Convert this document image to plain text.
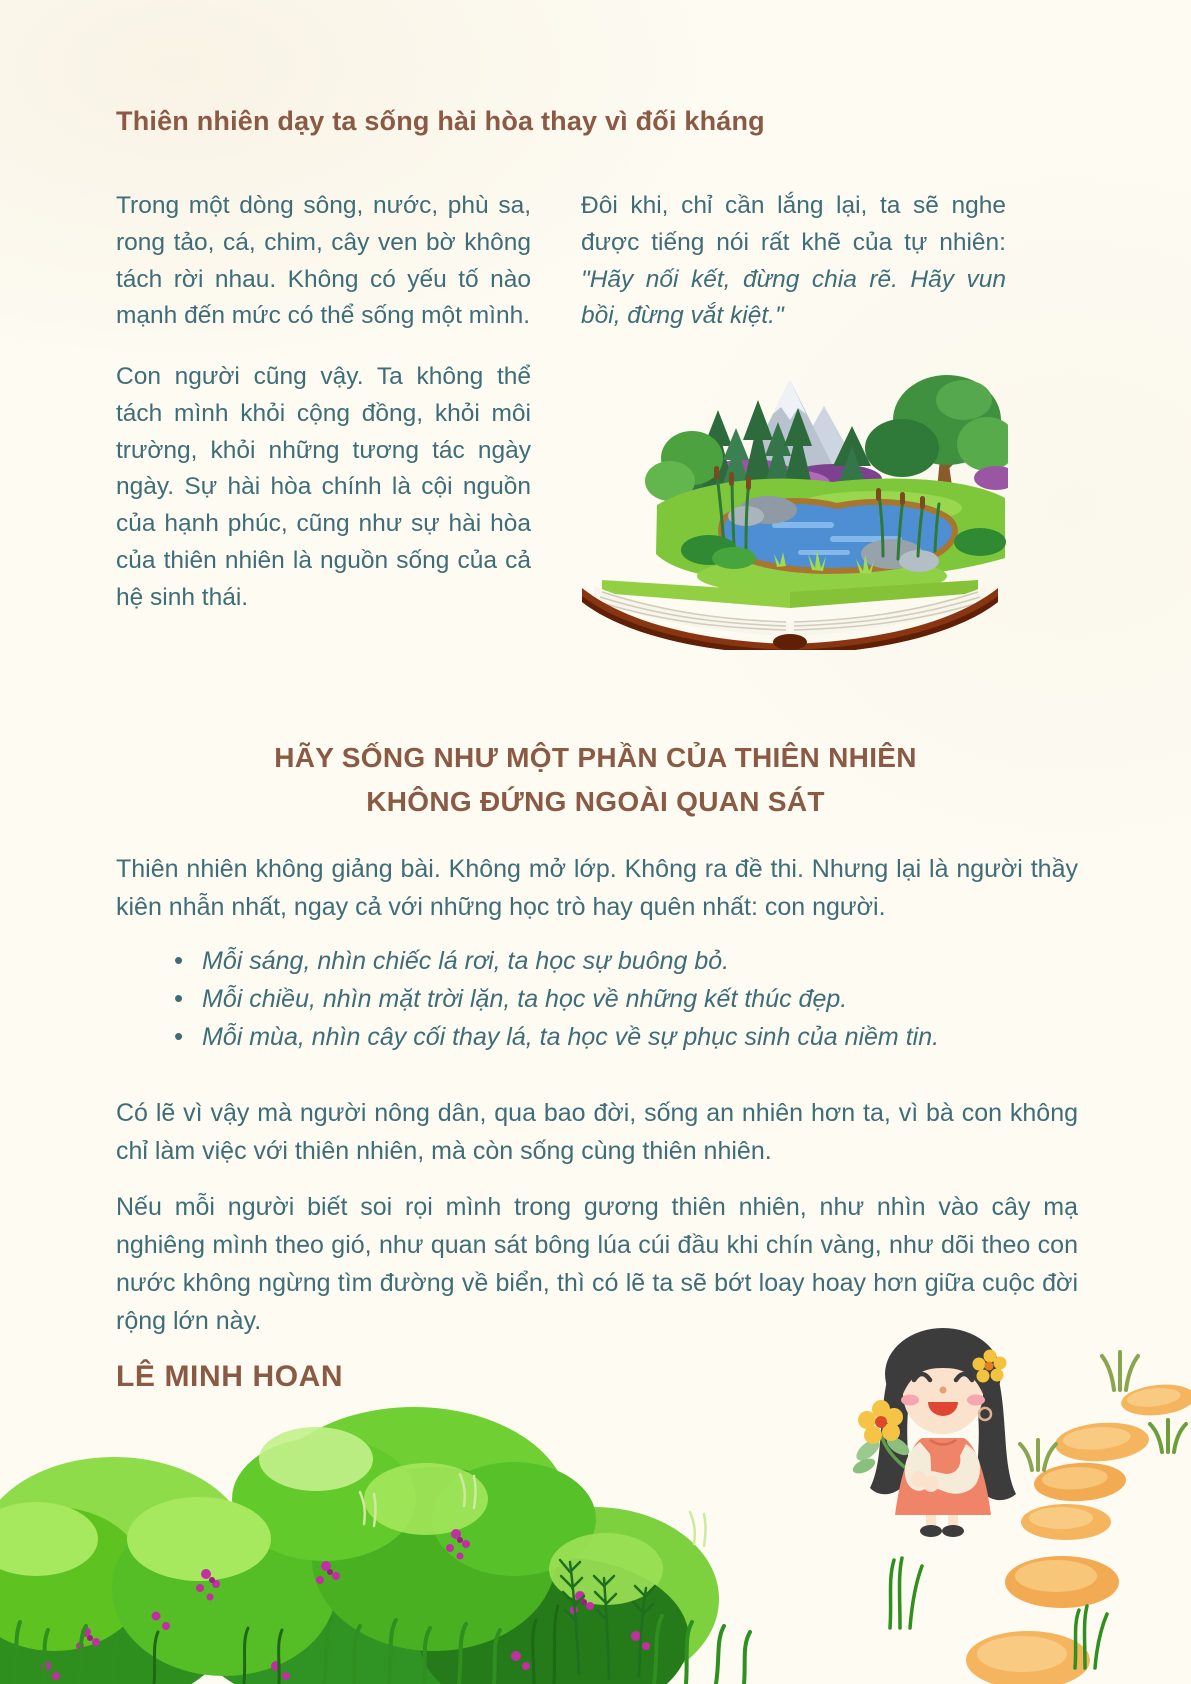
Thiên nhiên dạy ta sống hài hòa thay vì đối kháng

Trong một dòng sông, nước, phù sa, rong tảo, cá, chim, cây ven bờ không tách rời nhau. Không có yếu tố nào mạnh đến mức có thể sống một mình.

Con người cũng vậy. Ta không thể tách mình khỏi cộng đồng, khỏi môi trường, khỏi những tương tác ngày ngày. Sự hài hòa chính là cội nguồn của hạnh phúc, cũng như sự hài hòa của thiên nhiên là nguồn sống của cả hệ sinh thái.

Đôi khi, chỉ cần lắng lại, ta sẽ nghe được tiếng nói rất khẽ của tự nhiên: "Hãy nối kết, đừng chia rẽ. Hãy vun bồi, đừng vắt kiệt."

HÃY SỐNG NHƯ MỘT PHẦN CỦA THIÊN NHIÊN
KHÔNG ĐỨNG NGOÀI QUAN SÁT

Thiên nhiên không giảng bài. Không mở lớp. Không ra đề thi. Nhưng lại là người thầy kiên nhẫn nhất, ngay cả với những học trò hay quên nhất: con người.

• Mỗi sáng, nhìn chiếc lá rơi, ta học sự buông bỏ.
• Mỗi chiều, nhìn mặt trời lặn, ta học về những kết thúc đẹp.
• Mỗi mùa, nhìn cây cối thay lá, ta học về sự phục sinh của niềm tin.

Có lẽ vì vậy mà người nông dân, qua bao đời, sống an nhiên hơn ta, vì bà con không chỉ làm việc với thiên nhiên, mà còn sống cùng thiên nhiên.

Nếu mỗi người biết soi rọi mình trong gương thiên nhiên, như nhìn vào cây mạ nghiêng mình theo gió, như quan sát bông lúa cúi đầu khi chín vàng, như dõi theo con nước không ngừng tìm đường về biển, thì có lẽ ta sẽ bớt loay hoay hơn giữa cuộc đời rộng lớn này.

LÊ MINH HOAN
